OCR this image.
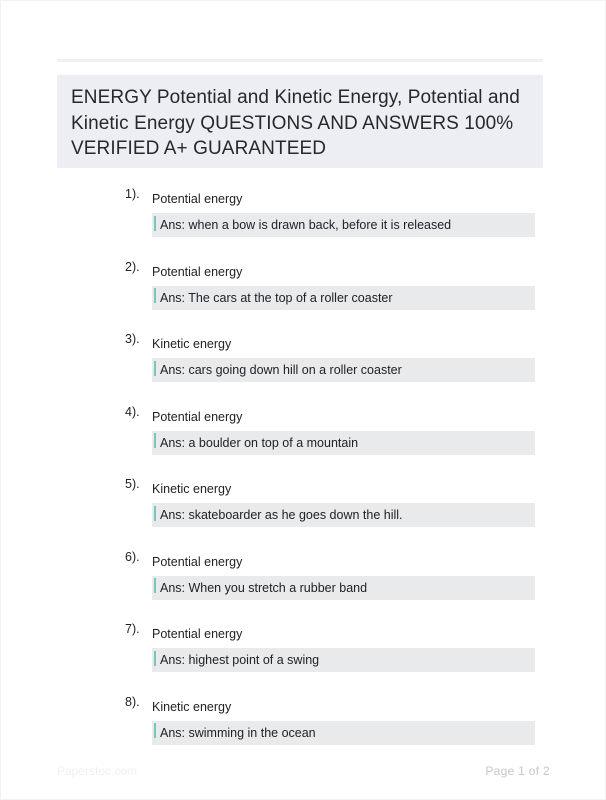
ENERGY Potential and Kinetic Energy, Potential and Kinetic Energy QUESTIONS AND ANSWERS 100% VERIFIED A+ GUARANTEED
1). Potential energy
Ans: when a bow is drawn back, before it is released
2). Potential energy
Ans: The cars at the top of a roller coaster
3). Kinetic energy
Ans: cars going down hill on a roller coaster
4). Potential energy
Ans: a boulder on top of a mountain
5). Kinetic energy
Ans: skateboarder as he goes down the hill.
6). Potential energy
Ans: When you stretch a rubber band
7). Potential energy
Ans: highest point of a swing
8). Kinetic energy
Ans: swimming in the ocean
Paperstoc.com	Page 1 of 2
